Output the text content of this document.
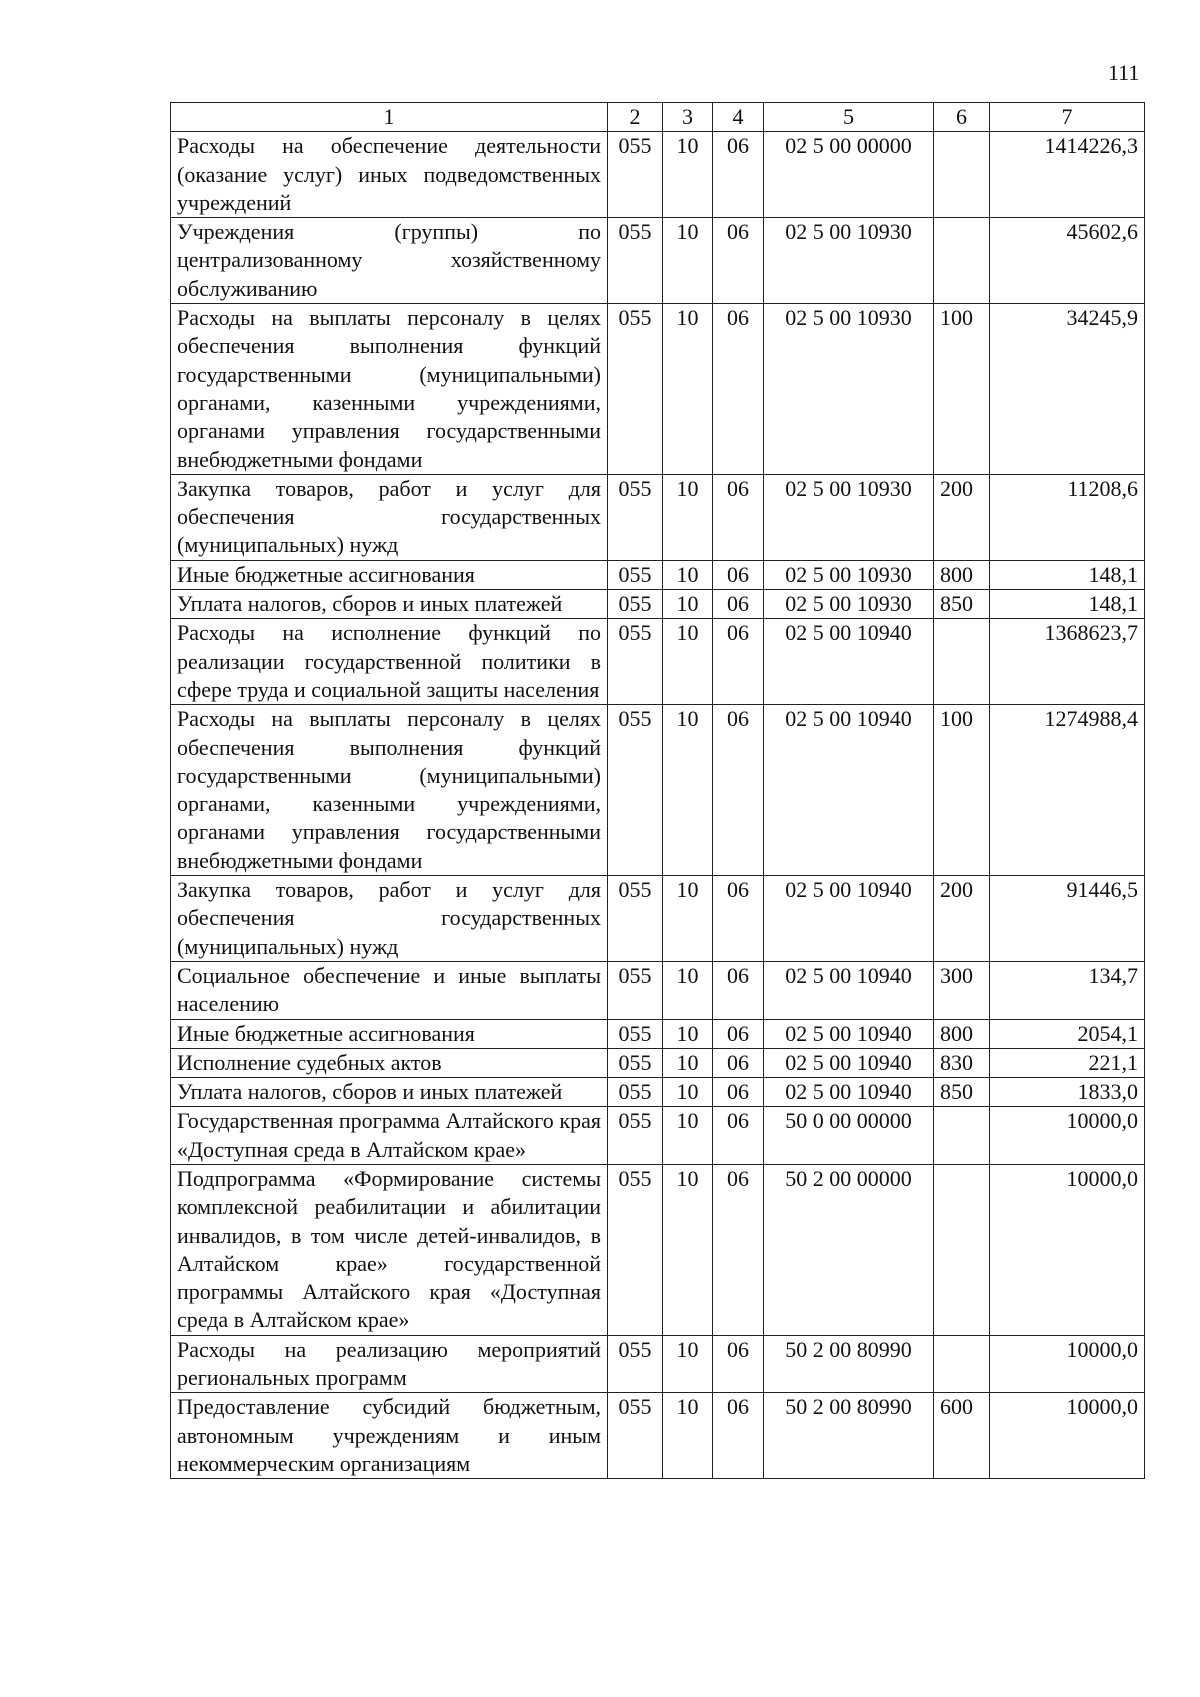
111
1	2	3	4	5	6	7
Расходы на обеспечение деятельности (оказание услуг) иных подведомственных учреждений	055	10	06	02 5 00 00000		1414226,3
Учреждения (группы) по централизованному хозяйственному обслуживанию	055	10	06	02 5 00 10930		45602,6
Расходы на выплаты персоналу в целях обеспечения выполнения функций государственными (муниципальными) органами, казенными учреждениями, органами управления государственными внебюджетными фондами	055	10	06	02 5 00 10930	100	34245,9
Закупка товаров, работ и услуг для обеспечения государственных (муниципальных) нужд	055	10	06	02 5 00 10930	200	11208,6
Иные бюджетные ассигнования	055	10	06	02 5 00 10930	800	148,1
Уплата налогов, сборов и иных платежей	055	10	06	02 5 00 10930	850	148,1
Расходы на исполнение функций по реализации государственной политики в сфере труда и социальной защиты населения	055	10	06	02 5 00 10940		1368623,7
Расходы на выплаты персоналу в целях обеспечения выполнения функций государственными (муниципальными) органами, казенными учреждениями, органами управления государственными внебюджетными фондами	055	10	06	02 5 00 10940	100	1274988,4
Закупка товаров, работ и услуг для обеспечения государственных (муниципальных) нужд	055	10	06	02 5 00 10940	200	91446,5
Социальное обеспечение и иные выплаты населению	055	10	06	02 5 00 10940	300	134,7
Иные бюджетные ассигнования	055	10	06	02 5 00 10940	800	2054,1
Исполнение судебных актов	055	10	06	02 5 00 10940	830	221,1
Уплата налогов, сборов и иных платежей	055	10	06	02 5 00 10940	850	1833,0
Государственная программа Алтайского края «Доступная среда в Алтайском крае»	055	10	06	50 0 00 00000		10000,0
Подпрограмма «Формирование системы комплексной реабилитации и абилитации инвалидов, в том числе детей-инвалидов, в Алтайском крае» государственной программы Алтайского края «Доступная среда в Алтайском крае»	055	10	06	50 2 00 00000		10000,0
Расходы на реализацию мероприятий региональных программ	055	10	06	50 2 00 80990		10000,0
Предоставление субсидий бюджетным, автономным учреждениям и иным некоммерческим организациям	055	10	06	50 2 00 80990	600	10000,0
